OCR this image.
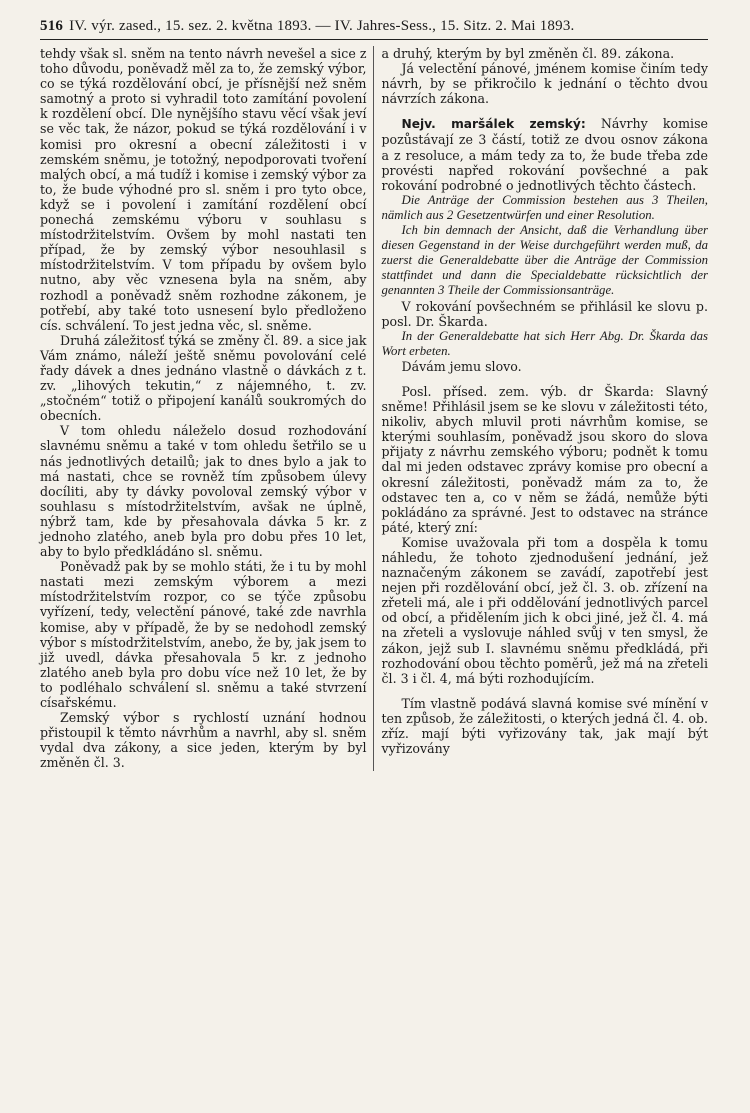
516 IV. výr. zased., 15. sez. 2. května 1893. — IV. Jahres-Sess., 15. Sitz. 2. Mai 1893.

tehdy však sl. sněm na tento návrh nevešel a sice z toho důvodu, poněvadž měl za to, že zemský výbor, co se týká rozdělování obcí, je přísnější než sněm samotný a proto si vyhradil toto zamítání povolení k rozdělení obcí. Dle nynějšího stavu věcí však jeví se věc tak, že názor, pokud se týká rozdělování i v komisi pro okresní a obecní záležitosti i v zemském sněmu, je totožný, nepodporovati tvoření malých obcí, a má tudíž i komise i zemský výbor za to, že bude výhodné pro sl. sněm i pro tyto obce, když se i povolení i zamítání rozdělení obcí ponechá zemskému výboru v souhlasu s místodržitelstvím. Ovšem by mohl nastati ten případ, že by zemský výbor nesouhlasil s místodržitelstvím. V tom případu by ovšem bylo nutno, aby věc vznesena byla na sněm, aby rozhodl a poněvadž sněm rozhodne zákonem, je potřebí, aby také toto usnesení bylo předloženo cís. schválení. To jest jedna věc, sl. sněme.

Druhá záležitosť týká se změny čl. 89. a sice jak Vám známo, náleží ještě sněmu povolování celé řady dávek a dnes jednáno vlastně o dávkách z t. zv. „lihových tekutin,“ z nájemného, t. zv. „stočném“ totiž o připojení kanálů soukromých do obecních.

V tom ohledu náleželo dosud rozhodování slavnému sněmu a také v tom ohledu šetřilo se u nás jednotlivých detailů; jak to dnes bylo a jak to má nastati, chce se rovněž tím způsobem úlevy docíliti, aby ty dávky povoloval zemský výbor v souhlasu s místodržitelstvím, avšak ne úplně, nýbrž tam, kde by přesahovala dávka 5 kr. z jednoho zlatého, aneb byla pro dobu přes 10 let, aby to bylo předkládáno sl. sněmu.

Poněvadž pak by se mohlo státi, že i tu by mohl nastati mezi zemským výborem a mezi místodržitelstvím rozpor, co se týče způsobu vyřízení, tedy, velectění pánové, také zde navrhla komise, aby v případě, že by se nedohodl zemský výbor s místodržitelstvím, anebo, že by, jak jsem to již uvedl, dávka přesahovala 5 kr. z jednoho zlatého aneb byla pro dobu více než 10 let, že by to podléhalo schválení sl. sněmu a také stvrzení císařskému.

Zemský výbor s rychlostí uznání hodnou přistoupil k těmto návrhům a navrhl, aby sl. sněm vydal dva zákony, a sice jeden, kterým by byl změněn čl. 3.

a druhý, kterým by byl změněn čl. 89. zákona.

Já velectění pánové, jménem komise činím tedy návrh, by se přikročilo k jednání o těchto dvou návrzích zákona.

Nejv. maršálek zemský: Návrhy komise pozůstávají ze 3 částí, totiž ze dvou osnov zákona a z resoluce, a mám tedy za to, že bude třeba zde provésti napřed rokování povšechné a pak rokování podrobné o jednotlivých těchto částech.

Die Anträge der Commission bestehen aus 3 Theilen, nämlich aus 2 Gesetzentwürfen und einer Resolution.

Ich bin demnach der Ansicht, daß die Verhandlung über diesen Gegenstand in der Weise durchgeführt werden muß, da zuerst die Generaldebatte über die Anträge der Commission stattfindet und dann die Specialdebatte rücksichtlich der genannten 3 Theile der Commissionsanträge.

V rokování povšechném se přihlásil ke slovu p. posl. Dr. Škarda.

In der Generaldebatte hat sich Herr Abg. Dr. Škarda das Wort erbeten.

Dávám jemu slovo.

Posl. přísed. zem. výb. dr Škarda: Slavný sněme! Přihlásil jsem se ke slovu v záležitosti této, nikoliv, abych mluvil proti návrhům komise, se kterými souhlasím, poněvadž jsou skoro do slova přijaty z návrhu zemského výboru; podnět k tomu dal mi jeden odstavec zprávy komise pro obecní a okresní záležitosti, poněvadž mám za to, že odstavec ten a, co v něm se žádá, nemůže býti pokládáno za správné. Jest to odstavec na stránce páté, který zní:

Komise uvažovala při tom a dospěla k tomu náhledu, že tohoto zjednodušení jednání, jež naznačeným zákonem se zavádí, zapotřebí jest nejen při rozdělování obcí, jež čl. 3. ob. zřízení na zřeteli má, ale i při oddělování jednotlivých parcel od obcí, a přidělením jich k obci jiné, jež čl. 4. má na zřeteli a vyslovuje náhled svůj v ten smysl, že zákon, jejž sub I. slavnému sněmu předkládá, při rozhodování obou těchto poměrů, jež má na zřeteli čl. 3 i čl. 4, má býti rozhodujícím.

Tím vlastně podává slavná komise své mínění v ten způsob, že záležitosti, o kterých jedná čl. 4. ob. zříz. mají býti vyřizovány tak, jak mají být vyřizovány
